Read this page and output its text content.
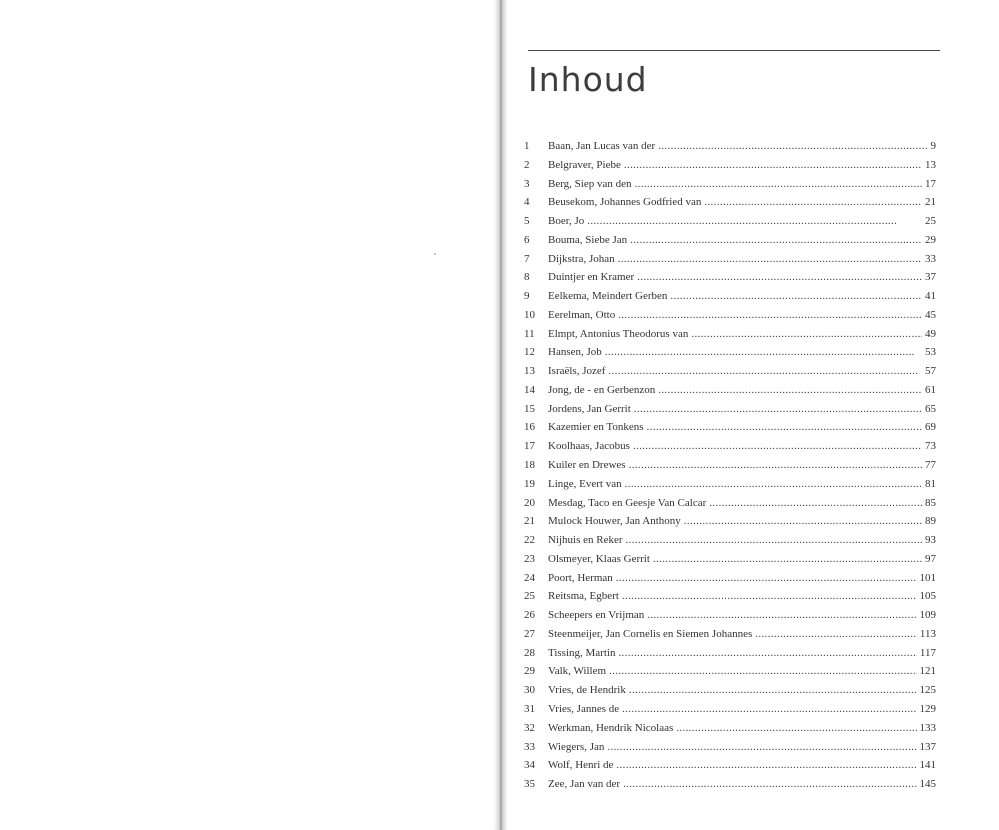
Inhoud
1	Baan, Jan Lucas van der . . .	9
2	Belgraver, Piebe . . .	13
3	Berg, Siep van den . . .	17
4	Beusekom, Johannes Godfried van . . .	21
5	Boer, Jo . . .	25
6	Bouma, Siebe Jan . . .	29
7	Dijkstra, Johan . . .	33
8	Duintjer en Kramer . . .	37
9	Eelkema, Meindert Gerben . . .	41
10	Eerelman, Otto . . .	45
11	Elmpt, Antonius Theodorus van . . .	49
12	Hansen, Job . . .	53
13	Israëls, Jozef . . .	57
14	Jong, de - en Gerbenzon . . .	61
15	Jordens, Jan Gerrit . . .	65
16	Kazemier en Tonkens . . .	69
17	Koolhaas, Jacobus . . .	73
18	Kuiler en Drewes . . .	77
19	Linge, Evert van . . .	81
20	Mesdag, Taco en Geesje Van Calcar . . .	85
21	Mulock Houwer, Jan Anthony . . .	89
22	Nijhuis en Reker . . .	93
23	Olsmeyer, Klaas Gerrit . . .	97
24	Poort, Herman . . .	101
25	Reitsma, Egbert . . .	105
26	Scheepers en Vrijman . . .	109
27	Steenmeijer, Jan Cornelis en Siemen Johannes . . .	113
28	Tissing, Martin . . .	117
29	Valk, Willem . . .	121
30	Vries, de Hendrik . . .	125
31	Vries, Jannes de . . .	129
32	Werkman, Hendrik Nicolaas . . .	133
33	Wiegers, Jan . . .	137
34	Wolf, Henri de . . .	141
35	Zee, Jan van der . . .	145
